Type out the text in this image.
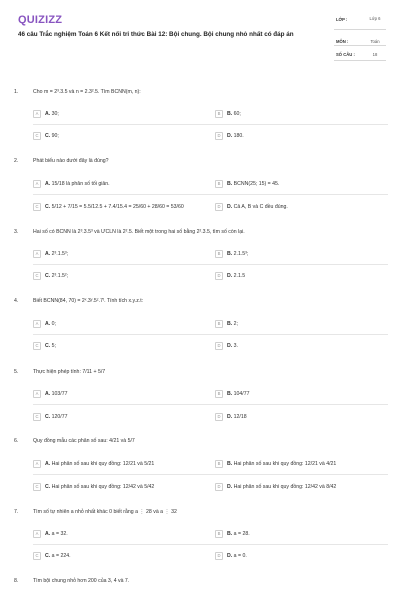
QUIZIZZ
46 câu Trắc nghiệm Toán 6 Kết nối tri thức Bài 12: Bội chung. Bội chung nhỏ nhất có đáp án
LỚP :	Lớp 6
MÔN :	Toán
SỐ CÂU :	18
1.	Cho m = 2³.3.5 và n = 2.3².5. Tìm BCNN(m, n):
A	A. 30;	B	B. 60;
C	C. 90;	D	D. 180.
2.	Phát biểu nào dưới đây là đúng?
A	A. 15/18 là phân số tối giản.	B	B. BCNN(25; 15) = 45.
C	C. 5/12 + 7/15 = 5.5/12.5 + 7.4/15.4 = 25/60 + 28/60 = 53/60	D	D. Cả A, B và C đều đúng.
3.	Hai số có BCNN là 2³.3.5³ và ƯCLN là 2².5. Biết một trong hai số bằng 2².3.5, tìm số còn lại.
A	A. 2³.1.5³;	B	B. 2.1.5³;
C	C. 2³.1.5²;	D	D. 2.1.5
4.	Biết BCNN(84, 70) = 2ˣ.3ʸ.5ᶻ.7ᵗ. Tính tích x.y.z.t:
A	A. 0;	B	B. 2;
C	C. 5;	D	D. 3.
5.	Thực hiện phép tính: 7/11 + 5/7
A	A. 103/77	B	B. 104/77
C	C. 120/77	D	D. 12/18
6.	Quy đồng mẫu các phân số sau: 4/21 và 5/7
A	A. Hai phân số sau khi quy đồng: 12/21 và 5/21	B	B. Hai phân số sau khi quy đồng: 12/21 và 4/21
C	C. Hai phân số sau khi quy đồng: 12/42 và 5/42	D	D. Hai phân số sau khi quy đồng: 12/42 và 8/42
7.	Tìm số tự nhiên a nhỏ nhất khác 0 biết rằng a ⋮ 28 và a ⋮ 32
A	A. a = 32.	B	B. a = 28.
C	C. a = 224.	D	D. a = 0.
8.	Tìm bội chung nhỏ hơn 200 của 3, 4 và 7.
